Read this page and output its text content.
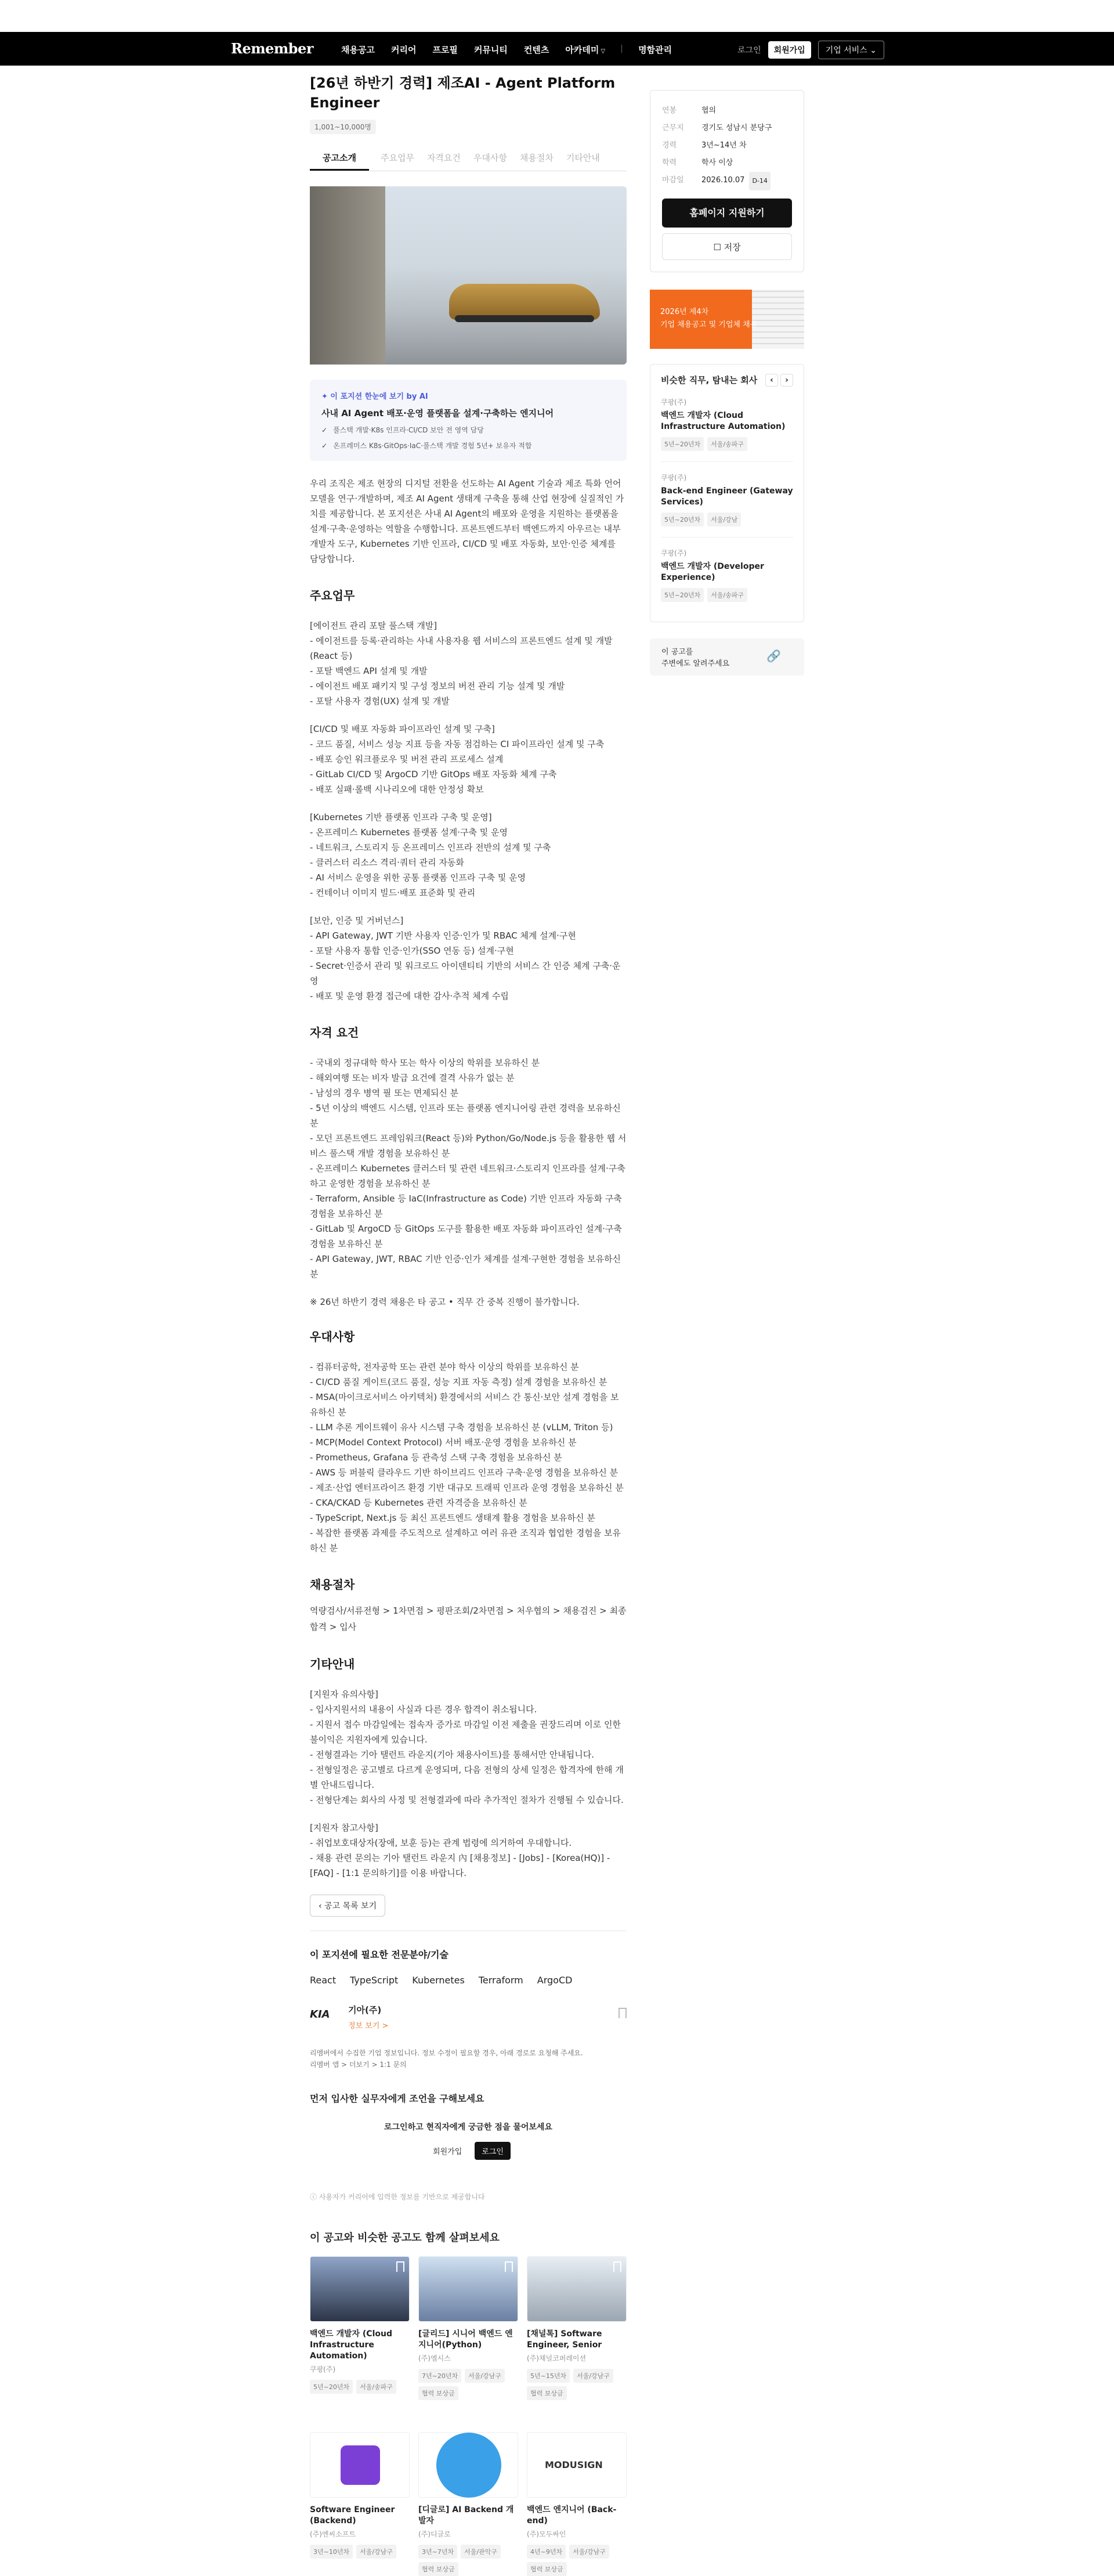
Remember	채용공고 커리어 프로필 커뮤니티 컨텐츠 아카데미 ▽	명함관리	로그인	회원가입	기업 서비스 ⌄
[26년 하반기 경력] 제조AI - Agent Platform Engineer
1,001~10,000명
공고소개	주요업무	자격요건	우대사항	채용절차	기타안내
✦ 이 포지션 한눈에 보기 by AI
사내 AI Agent 배포·운영 플랫폼을 설계·구축하는 엔지니어
✓ 풀스택 개발·K8s 인프라·CI/CD 보안 전 영역 담당
✓ 온프레미스 K8s·GitOps·IaC·풀스택 개발 경험 5년+ 보유자 적합
우리 조직은 제조 현장의 디지털 전환을 선도하는 AI Agent 기술과 제조 특화 언어모델을 연구·개발하며, 제조 AI Agent 생태계 구축을 통해 산업 현장에 실질적인 가치를 제공합니다. 본 포지션은 사내 AI Agent의 배포와 운영을 지원하는 플랫폼을 설계·구축·운영하는 역할을 수행합니다. 프론트엔드부터 백엔드까지 아우르는 내부 개발자 도구, Kubernetes 기반 인프라, CI/CD 및 배포 자동화, 보안·인증 체계를 담당합니다.
주요업무
[에이전트 관리 포탈 풀스택 개발]
- 에이전트를 등록·관리하는 사내 사용자용 웹 서비스의 프론트엔드 설계 및 개발 (React 등)
- 포탈 백엔드 API 설계 및 개발
- 에이전트 배포 패키지 및 구성 정보의 버전 관리 기능 설계 및 개발
- 포탈 사용자 경험(UX) 설계 및 개발
[CI/CD 및 배포 자동화 파이프라인 설계 및 구축]
- 코드 품질, 서비스 성능 지표 등을 자동 점검하는 CI 파이프라인 설계 및 구축
- 배포 승인 워크플로우 및 버전 관리 프로세스 설계
- GitLab CI/CD 및 ArgoCD 기반 GitOps 배포 자동화 체계 구축
- 배포 실패·롤백 시나리오에 대한 안정성 확보
[Kubernetes 기반 플랫폼 인프라 구축 및 운영]
- 온프레미스 Kubernetes 플랫폼 설계·구축 및 운영
- 네트워크, 스토리지 등 온프레미스 인프라 전반의 설계 및 구축
- 클러스터 리소스 격리·쿼터 관리 자동화
- AI 서비스 운영을 위한 공통 플랫폼 인프라 구축 및 운영
- 컨테이너 이미지 빌드·배포 표준화 및 관리
[보안, 인증 및 거버넌스]
- API Gateway, JWT 기반 사용자 인증·인가 및 RBAC 체계 설계·구현
- 포탈 사용자 통합 인증·인가(SSO 연동 등) 설계·구현
- Secret·인증서 관리 및 워크로드 아이덴티티 기반의 서비스 간 인증 체계 구축·운영
- 배포 및 운영 환경 접근에 대한 감사·추적 체계 수립
자격 요건
- 국내외 정규대학 학사 또는 학사 이상의 학위를 보유하신 분
- 해외여행 또는 비자 발급 요건에 결격 사유가 없는 분
- 남성의 경우 병역 필 또는 면제되신 분
- 5년 이상의 백엔드 시스템, 인프라 또는 플랫폼 엔지니어링 관련 경력을 보유하신 분
- 모던 프론트엔드 프레임워크(React 등)와 Python/Go/Node.js 등을 활용한 웹 서비스 풀스택 개발 경험을 보유하신 분
- 온프레미스 Kubernetes 클러스터 및 관련 네트워크·스토리지 인프라를 설계·구축하고 운영한 경험을 보유하신 분
- Terraform, Ansible 등 IaC(Infrastructure as Code) 기반 인프라 자동화 구축 경험을 보유하신 분
- GitLab 및 ArgoCD 등 GitOps 도구를 활용한 배포 자동화 파이프라인 설계·구축 경험을 보유하신 분
- API Gateway, JWT, RBAC 기반 인증·인가 체계를 설계·구현한 경험을 보유하신 분
※ 26년 하반기 경력 채용은 타 공고 • 직무 간 중복 진행이 불가합니다.
우대사항
- 컴퓨터공학, 전자공학 또는 관련 분야 학사 이상의 학위를 보유하신 분
- CI/CD 품질 게이트(코드 품질, 성능 지표 자동 측정) 설계 경험을 보유하신 분
- MSA(마이크로서비스 아키텍처) 환경에서의 서비스 간 통신·보안 설계 경험을 보유하신 분
- LLM 추론 게이트웨이 유사 시스템 구축 경험을 보유하신 분 (vLLM, Triton 등)
- MCP(Model Context Protocol) 서버 배포·운영 경험을 보유하신 분
- Prometheus, Grafana 등 관측성 스택 구축 경험을 보유하신 분
- AWS 등 퍼블릭 클라우드 기반 하이브리드 인프라 구축·운영 경험을 보유하신 분
- 제조·산업 엔터프라이즈 환경 기반 대규모 트래픽 인프라 운영 경험을 보유하신 분
- CKA/CKAD 등 Kubernetes 관련 자격증을 보유하신 분
- TypeScript, Next.js 등 최신 프론트엔드 생태계 활용 경험을 보유하신 분
- 복잡한 플랫폼 과제를 주도적으로 설계하고 여러 유관 조직과 협업한 경험을 보유하신 분
채용절차
역량검사/서류전형 > 1차면접 > 평판조회/2차면접 > 처우협의 > 채용검진 > 최종합격 > 입사
기타안내
[지원자 유의사항]
- 입사지원서의 내용이 사실과 다른 경우 합격이 취소됩니다.
- 지원서 접수 마감일에는 접속자 증가로 마감일 이전 제출을 권장드리며 이로 인한 불이익은 지원자에게 있습니다.
- 전형결과는 기아 탤런트 라운지(기아 채용사이트)를 통해서만 안내됩니다.
- 전형일정은 공고별로 다르게 운영되며, 다음 전형의 상세 일정은 합격자에 한해 개별 안내드립니다.
- 전형단계는 회사의 사정 및 전형결과에 따라 추가적인 절차가 진행될 수 있습니다.
[지원자 참고사항]
- 취업보호대상자(장애, 보훈 등)는 관계 법령에 의거하여 우대합니다.
- 채용 관련 문의는 기아 탤런트 라운지 內 [채용정보] - [Jobs] - [Korea(HQ)] - [FAQ] - [1:1 문의하기]를 이용 바랍니다.
‹ 공고 목록 보기
이 포지션에 필요한 전문분야/기술
React TypeScript Kubernetes Terraform ArgoCD
KIA	기아(주)
정보 보기 >
리멤버에서 수집한 기업 정보입니다. 정보 수정이 필요할 경우, 아래 경로로 요청해 주세요.
리멤버 앱 > 더보기 > 1:1 문의
먼저 입사한 실무자에게 조언을 구해보세요
로그인하고 현직자에게 궁금한 점을 물어보세요
회원가입	로그인
ⓘ 사용자가 커리어에 입력한 정보를 기반으로 제공합니다
이 공고와 비슷한 공고도 함께 살펴보세요
백엔드 개발자 (Cloud Infrastructure Automation)
쿠팡(주)
5년~20년차	서울/송파구
[글리드] 시니어 백엔드 엔지니어(Python)
(주)엠시스
7년~20년차	서울/강남구
협력 보상금
[채널톡] Software Engineer, Senior
(주)채널코퍼레이션
5년~15년차	서울/강남구
협력 보상금
Software Engineer (Backend)
(주)엔씨소프트
3년~10년차	서울/강남구
[디글로] AI Backend 개발자
(주)디글로
3년~7년차	서울/관악구
협력 보상금
MODUSIGN
백엔드 엔지니어 (Back-end)
(주)모두싸인
4년~9년차	서울/강남구
협력 보상금
연봉	협의
근무지	경기도 성남시 분당구
경력	3년~14년 차
학력	학사 이상
마감일	2026.10.07	D-14
홈페이지 지원하기
☐ 저장
2026년 제4차
기업 채용공고 및 기업체 채용
비슷한 직무, 탐내는 회사	‹ ›
쿠팡(주)
백엔드 개발자 (Cloud Infrastructure Automation)
5년~20년차	서울/송파구
쿠팡(주)
Back-end Engineer (Gateway Services)
5년~20년차	서울/강남
쿠팡(주)
백엔드 개발자 (Developer Experience)
5년~20년차	서울/송파구
이 공고를
주변에도 알려주세요
🔗
